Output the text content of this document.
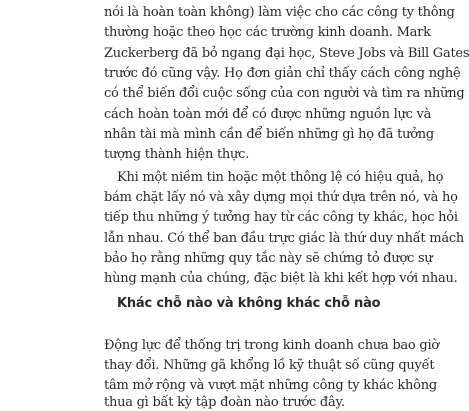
nói là hoàn toàn không) làm việc cho các công ty thông

thường hoặc theo học các trường kinh doanh. Mark

Zuckerberg đã bỏ ngang đại học, Steve Jobs và Bill Gates

trước đó cũng vậy. Họ đơn giản chỉ thấy cách công nghệ

có thể biến đổi cuộc sống của con người và tìm ra những

cách hoàn toàn mới để có được những nguồn lực và

nhân tài mà mình cần để biến những gì họ đã tưởng

tượng thành hiện thực.

Khi một niềm tin hoặc một thông lệ có hiệu quả, họ

bám chặt lấy nó và xây dựng mọi thứ dựa trên nó, và họ

tiếp thu những ý tưởng hay từ các công ty khác, học hỏi

lẫn nhau. Có thể ban đầu trực giác là thứ duy nhất mách

bảo họ rằng những quy tắc này sẽ chứng tỏ được sự

hùng mạnh của chúng, đặc biệt là khi kết hợp với nhau.

Khác chỗ nào và không khác chỗ nào

Động lực để thống trị trong kinh doanh chưa bao giờ

thay đổi. Những gã khổng lồ kỹ thuật số cũng quyết

tâm mở rộng và vượt mặt những công ty khác không

thua gì bất kỳ tập đoàn nào trước đây.
